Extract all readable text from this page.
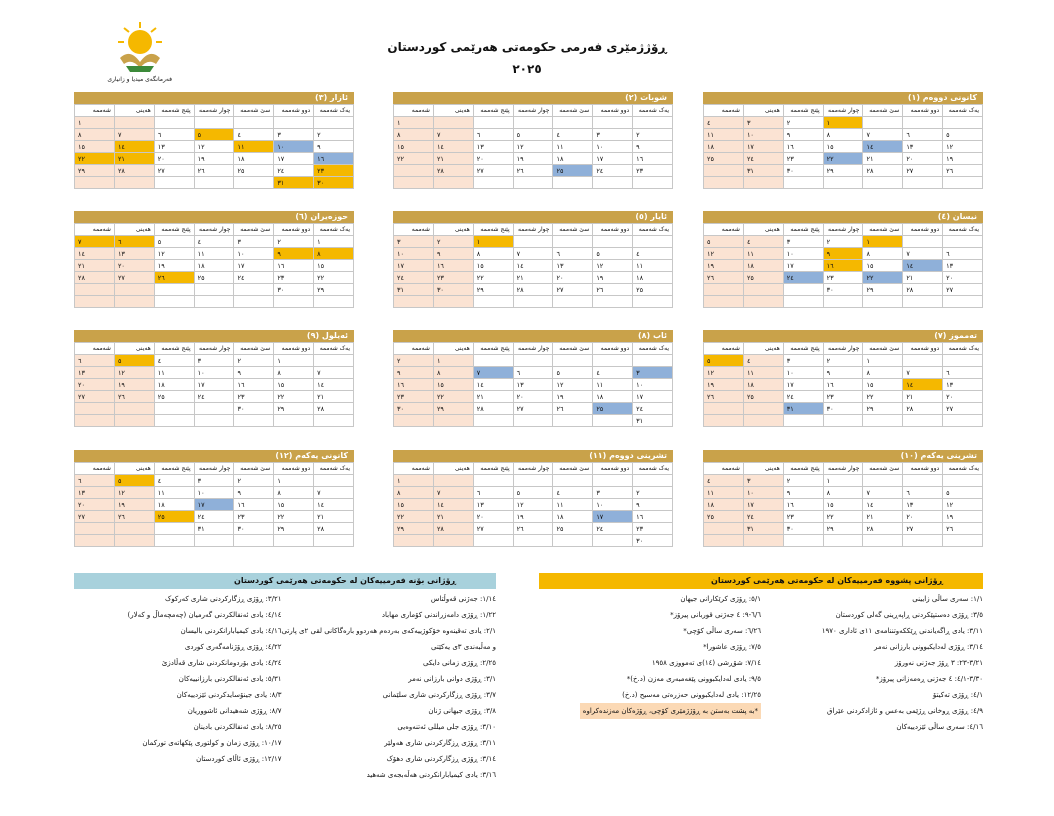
فەرمانگەی میدیا و زانیاری
ڕۆژژمێری فەرمی حکومەتی هەرێمی کوردستان
٢٠٢٥
کانونی دووەم (١)
یەک شەممە	دوو شەممە	سێ شەممە	چوار شەممە	پێنج شەممە	هەینی	شەممە
			١	٢	٣	٤
٥	٦	٧	٨	٩	١٠	١١
١٢	١٣	١٤	١٥	١٦	١٧	١٨
١٩	٢٠	٢١	٢٢	٢٣	٢٤	٢٥
٢٦	٢٧	٢٨	٢٩	٣٠	٣١	

شوبات (٢)
یەک شەممە	دوو شەممە	سێ شەممە	چوار شەممە	پێنج شەممە	هەینی	شەممە
						١
٢	٣	٤	٥	٦	٧	٨
٩	١٠	١١	١٢	١٣	١٤	١٥
١٦	١٧	١٨	١٩	٢٠	٢١	٢٢
٢٣	٢٤	٢٥	٢٦	٢٧	٢٨	

ئازار (٣)
یەک شەممە	دوو شەممە	سێ شەممە	چوار شەممە	پێنج شەممە	هەینی	شەممە
						١
٢	٣	٤	٥	٦	٧	٨
٩	١٠	١١	١٢	١٣	١٤	١٥
١٦	١٧	١٨	١٩	٢٠	٢١	٢٢
٢٣	٢٤	٢٥	٢٦	٢٧	٢٨	٢٩
٣٠	٣١					
نیسان (٤)
یەک شەممە	دوو شەممە	سێ شەممە	چوار شەممە	پێنج شەممە	هەینی	شەممە
		١	٢	٣	٤	٥
٦	٧	٨	٩	١٠	١١	١٢
١٣	١٤	١٥	١٦	١٧	١٨	١٩
٢٠	٢١	٢٢	٢٣	٢٤	٢٥	٢٦
٢٧	٢٨	٢٩	٣٠			

ئایار (٥)
یەک شەممە	دوو شەممە	سێ شەممە	چوار شەممە	پێنج شەممە	هەینی	شەممە
				١	٢	٣
٤	٥	٦	٧	٨	٩	١٠
١١	١٢	١٣	١٤	١٥	١٦	١٧
١٨	١٩	٢٠	٢١	٢٢	٢٣	٢٤
٢٥	٢٦	٢٧	٢٨	٢٩	٣٠	٣١

حوزەیران (٦)
یەک شەممە	دوو شەممە	سێ شەممە	چوار شەممە	پێنج شەممە	هەینی	شەممە
١	٢	٣	٤	٥	٦	٧
٨	٩	١٠	١١	١٢	١٣	١٤
١٥	١٦	١٧	١٨	١٩	٢٠	٢١
٢٢	٢٣	٢٤	٢٥	٢٦	٢٧	٢٨
٢٩	٣٠					

تەمموز (٧)
یەک شەممە	دوو شەممە	سێ شەممە	چوار شەممە	پێنج شەممە	هەینی	شەممە
		١	٢	٣	٤	٥
٦	٧	٨	٩	١٠	١١	١٢
١٣	١٤	١٥	١٦	١٧	١٨	١٩
٢٠	٢١	٢٢	٢٣	٢٤	٢٥	٢٦
٢٧	٢٨	٢٩	٣٠	٣١		

ئاب (٨)
یەک شەممە	دوو شەممە	سێ شەممە	چوار شەممە	پێنج شەممە	هەینی	شەممە
					١	٢
٣	٤	٥	٦	٧	٨	٩
١٠	١١	١٢	١٣	١٤	١٥	١٦
١٧	١٨	١٩	٢٠	٢١	٢٢	٢٣
٢٤	٢٥	٢٦	٢٧	٢٨	٢٩	٣٠
٣١						
ئەیلول (٩)
یەک شەممە	دوو شەممە	سێ شەممە	چوار شەممە	پێنج شەممە	هەینی	شەممە
	١	٢	٣	٤	٥	٦
٧	٨	٩	١٠	١١	١٢	١٣
١٤	١٥	١٦	١٧	١٨	١٩	٢٠
٢١	٢٢	٢٣	٢٤	٢٥	٢٦	٢٧
٢٨	٢٩	٣٠				

تشرینی یەکەم (١٠)
یەک شەممە	دوو شەممە	سێ شەممە	چوار شەممە	پێنج شەممە	هەینی	شەممە
			١	٢	٣	٤
٥	٦	٧	٨	٩	١٠	١١
١٢	١٣	١٤	١٥	١٦	١٧	١٨
١٩	٢٠	٢١	٢٢	٢٣	٢٤	٢٥
٢٦	٢٧	٢٨	٢٩	٣٠	٣١	

تشرینی دووەم (١١)
یەک شەممە	دوو شەممە	سێ شەممە	چوار شەممە	پێنج شەممە	هەینی	شەممە
						١
٢	٣	٤	٥	٦	٧	٨
٩	١٠	١١	١٢	١٣	١٤	١٥
١٦	١٧	١٨	١٩	٢٠	٢١	٢٢
٢٣	٢٤	٢٥	٢٦	٢٧	٢٨	٢٩
٣٠						
كانونی یەکەم (١٢)
یەک شەممە	دوو شەممە	سێ شەممە	چوار شەممە	پێنج شەممە	هەینی	شەممە
	١	٢	٣	٤	٥	٦
٧	٨	٩	١٠	١١	١٢	١٣
١٤	١٥	١٦	١٧	١٨	١٩	٢٠
٢١	٢٢	٢٣	٢٤	٢٥	٢٦	٢٧
٢٨	٢٩	٣٠	٣١			

ڕۆژانی پشووە فەرمییەکان لە حکومەتی هەرێمی کوردستان
١/١: سەری ساڵی زایینی
٣/٥: ڕۆژی دەستپێکردنی ڕاپەڕینی گەلی کوردستان
٣/١١: یادی ڕاگەیاندنی ڕێککەوتننامەی ١١ی ئاداری ١٩٧٠
٣/١٤: ڕۆژی لەدایکبوونی بارزانی نەمر
٣/٢١-٢٣: ٣ ڕۆژ جەژنی نەورۆز
٣/٣٠-٤/١: ٤ جەژنی ڕەمەزانی پیرۆز*
٤/١: ڕۆژی تەکیتۆ
٤/٩: ڕۆژی ڕوخانی ڕژێمی بەعس و ئازادکردنی عێراق
٤/١٦: سەری ساڵی ئێزدییەکان
٥/١: ڕۆژی کرێکارانی جیهان
٦/٦-٩: ٤ جەژنی قوربانی پیرۆز*
٦/٢٦: سەری ساڵی کۆچی*
٧/٥: ڕۆژی عاشورا*
٧/١٤: شۆڕشی (١٤)ی تەمووزی ١٩٥٨
٩/٥: یادی لەدایکبوونی پێغەمبەری مەزن (د.خ)*
١٢/٢٥: یادی لەدایکبوونی حەزرەتی مەسیح (د.خ)
*بە پشت بەستن بە ڕۆژژمێری کۆچی، ڕۆژەکان مەزندەکراوە
ڕۆژانی بۆنە فەرمییەکان لە حکومەتی هەرێمی کوردستان
١/١٤: جەژنی قەوڵتاس
١/٢٢: ڕۆژی دامەزراندنی کۆماری مهاباد
٢/١: یادی تەقینەوە خۆکوژییەکەی بەردەم هەردوو بارەگاکانی لقی ٢ی پارتی
و مەڵبەندی ٣ی یەکێتی
٢/٢٥: ڕۆژی زمانی دایکی
٣/١: ڕۆژی دوانی بارزانی نەمر
٣/٧: ڕۆژی ڕزگارکردنی شاری سلێمانی
٣/٨: ڕۆژی جیهانی ژنان
٣/١٠: ڕۆژی جلی میللی ئەتنەوەیی
٣/١١: ڕۆژی ڕزگارکردنی شاری هەولێر
٣/١٤: ڕۆژی ڕزگارکردنی شاری دهۆک
٣/١٦: یادی کیمیابارانکردنی هەڵەبجەی شەهید
٣/٢١: ڕۆژی ڕزگارکردنی شاری کەرکوک
٤/١٤: یادی ئەنفالکردنی گەرمیان (چەمچەماڵ و کەلار)
٤/١٦: یادی کیمیابارانکردنی بالیسان
٤/٢٢: ڕۆژی ڕۆژنامەگەری کوردی
٤/٢٤: یادی بۆردومانکردنی شاری قەڵادزێ
٥/٣١: یادی ئەنفالکردنی بارزانییەکان
٨/٣: یادی جینۆسایدکردنی ئێزدییەکان
٨/٧: ڕۆژی شەهیدانی ئاشووریان
٨/٢٥: یادی ئەنفالکردنی بادینان
١٠/١٧: ڕۆژی زمان و کولتوری پێکهاتەی تورکمان
١٢/١٧: ڕۆژی ئاڵای کوردستان
